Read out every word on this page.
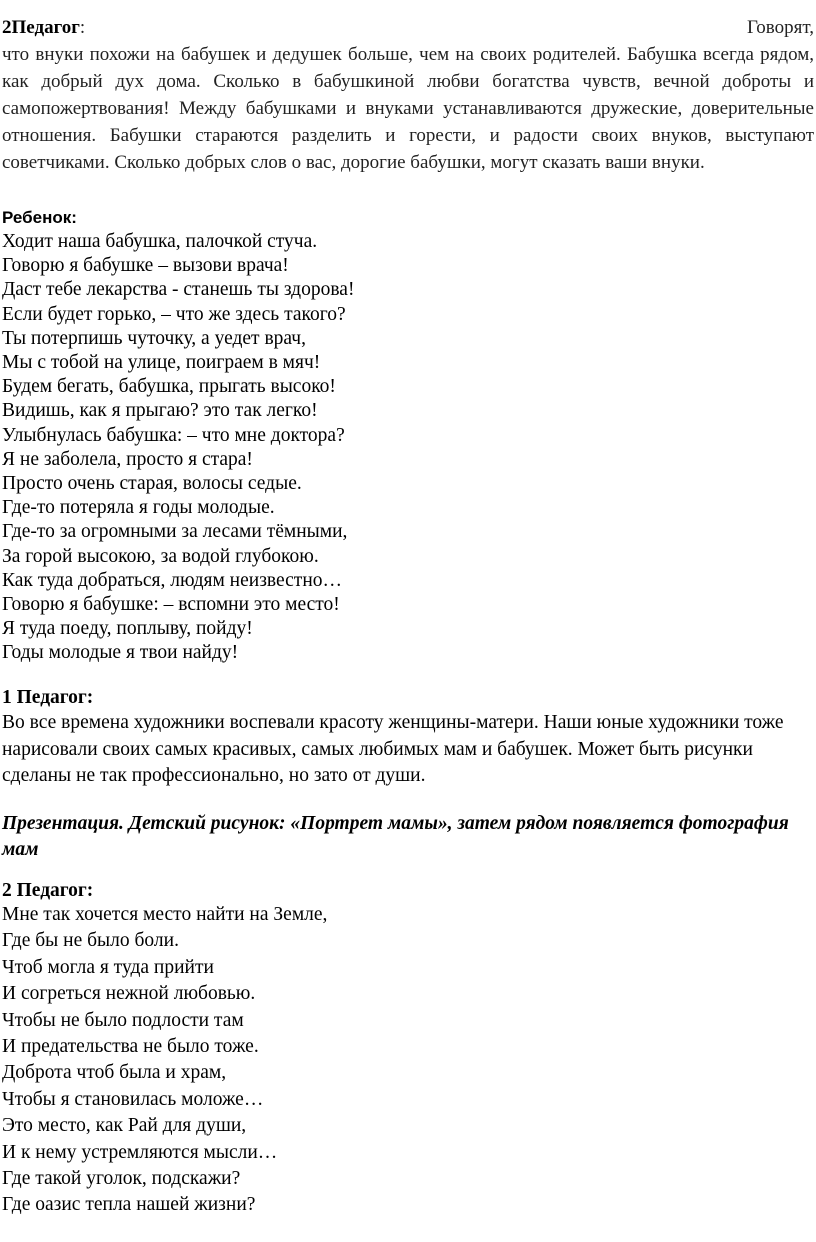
2Педагог:	Говорят,
что внуки похожи на бабушек и дедушек больше, чем на своих родителей. Бабушка всегда рядом, как добрый дух дома. Сколько в бабушкиной любви богатства чувств, вечной доброты и самопожертвования! Между бабушками и внуками устанавливаются дружеские, доверительные отношения. Бабушки стараются разделить и горести, и радости своих внуков, выступают советчиками. Сколько добрых слов о вас, дорогие бабушки, могут сказать ваши внуки.
Ребенок:
Ходит наша бабушка, палочкой стуча.
Говорю я бабушке – вызови врача!
Даст тебе лекарства - станешь ты здорова!
Если будет горько, – что же здесь такого?
Ты потерпишь чуточку, а уедет врач,
Мы с тобой на улице, поиграем в мяч!
Будем бегать, бабушка, прыгать высоко!
Видишь, как я прыгаю? это так легко!
Улыбнулась бабушка: – что мне доктора?
Я не заболела, просто я стара!
Просто очень старая, волосы седые.
Где-то потеряла я годы молодые.
Где-то за огромными за лесами тёмными,
За горой высокою, за водой глубокою.
Как туда добраться, людям неизвестно…
Говорю я бабушке: – вспомни это место!
Я туда поеду, поплыву, пойду!
Годы молодые я твои найду!
1 Педагог:
Во все времена художники воспевали красоту женщины-матери. Наши юные художники тоже нарисовали своих самых красивых, самых любимых мам и бабушек. Может быть рисунки сделаны не так профессионально, но зато от души.
Презентация. Детский рисунок: «Портрет мамы», затем рядом появляется фотография мам
2 Педагог:
Мне так хочется место найти на Земле,
Где бы не было боли.
Чтоб могла я туда прийти
И согреться нежной любовью.
Чтобы не было подлости там
И предательства не было тоже.
Доброта чтоб была и храм,
Чтобы я становилась моложе…
Это место, как Рай для души,
И к нему устремляются мысли…
Где такой уголок, подскажи?
Где оазис тепла нашей жизни?
